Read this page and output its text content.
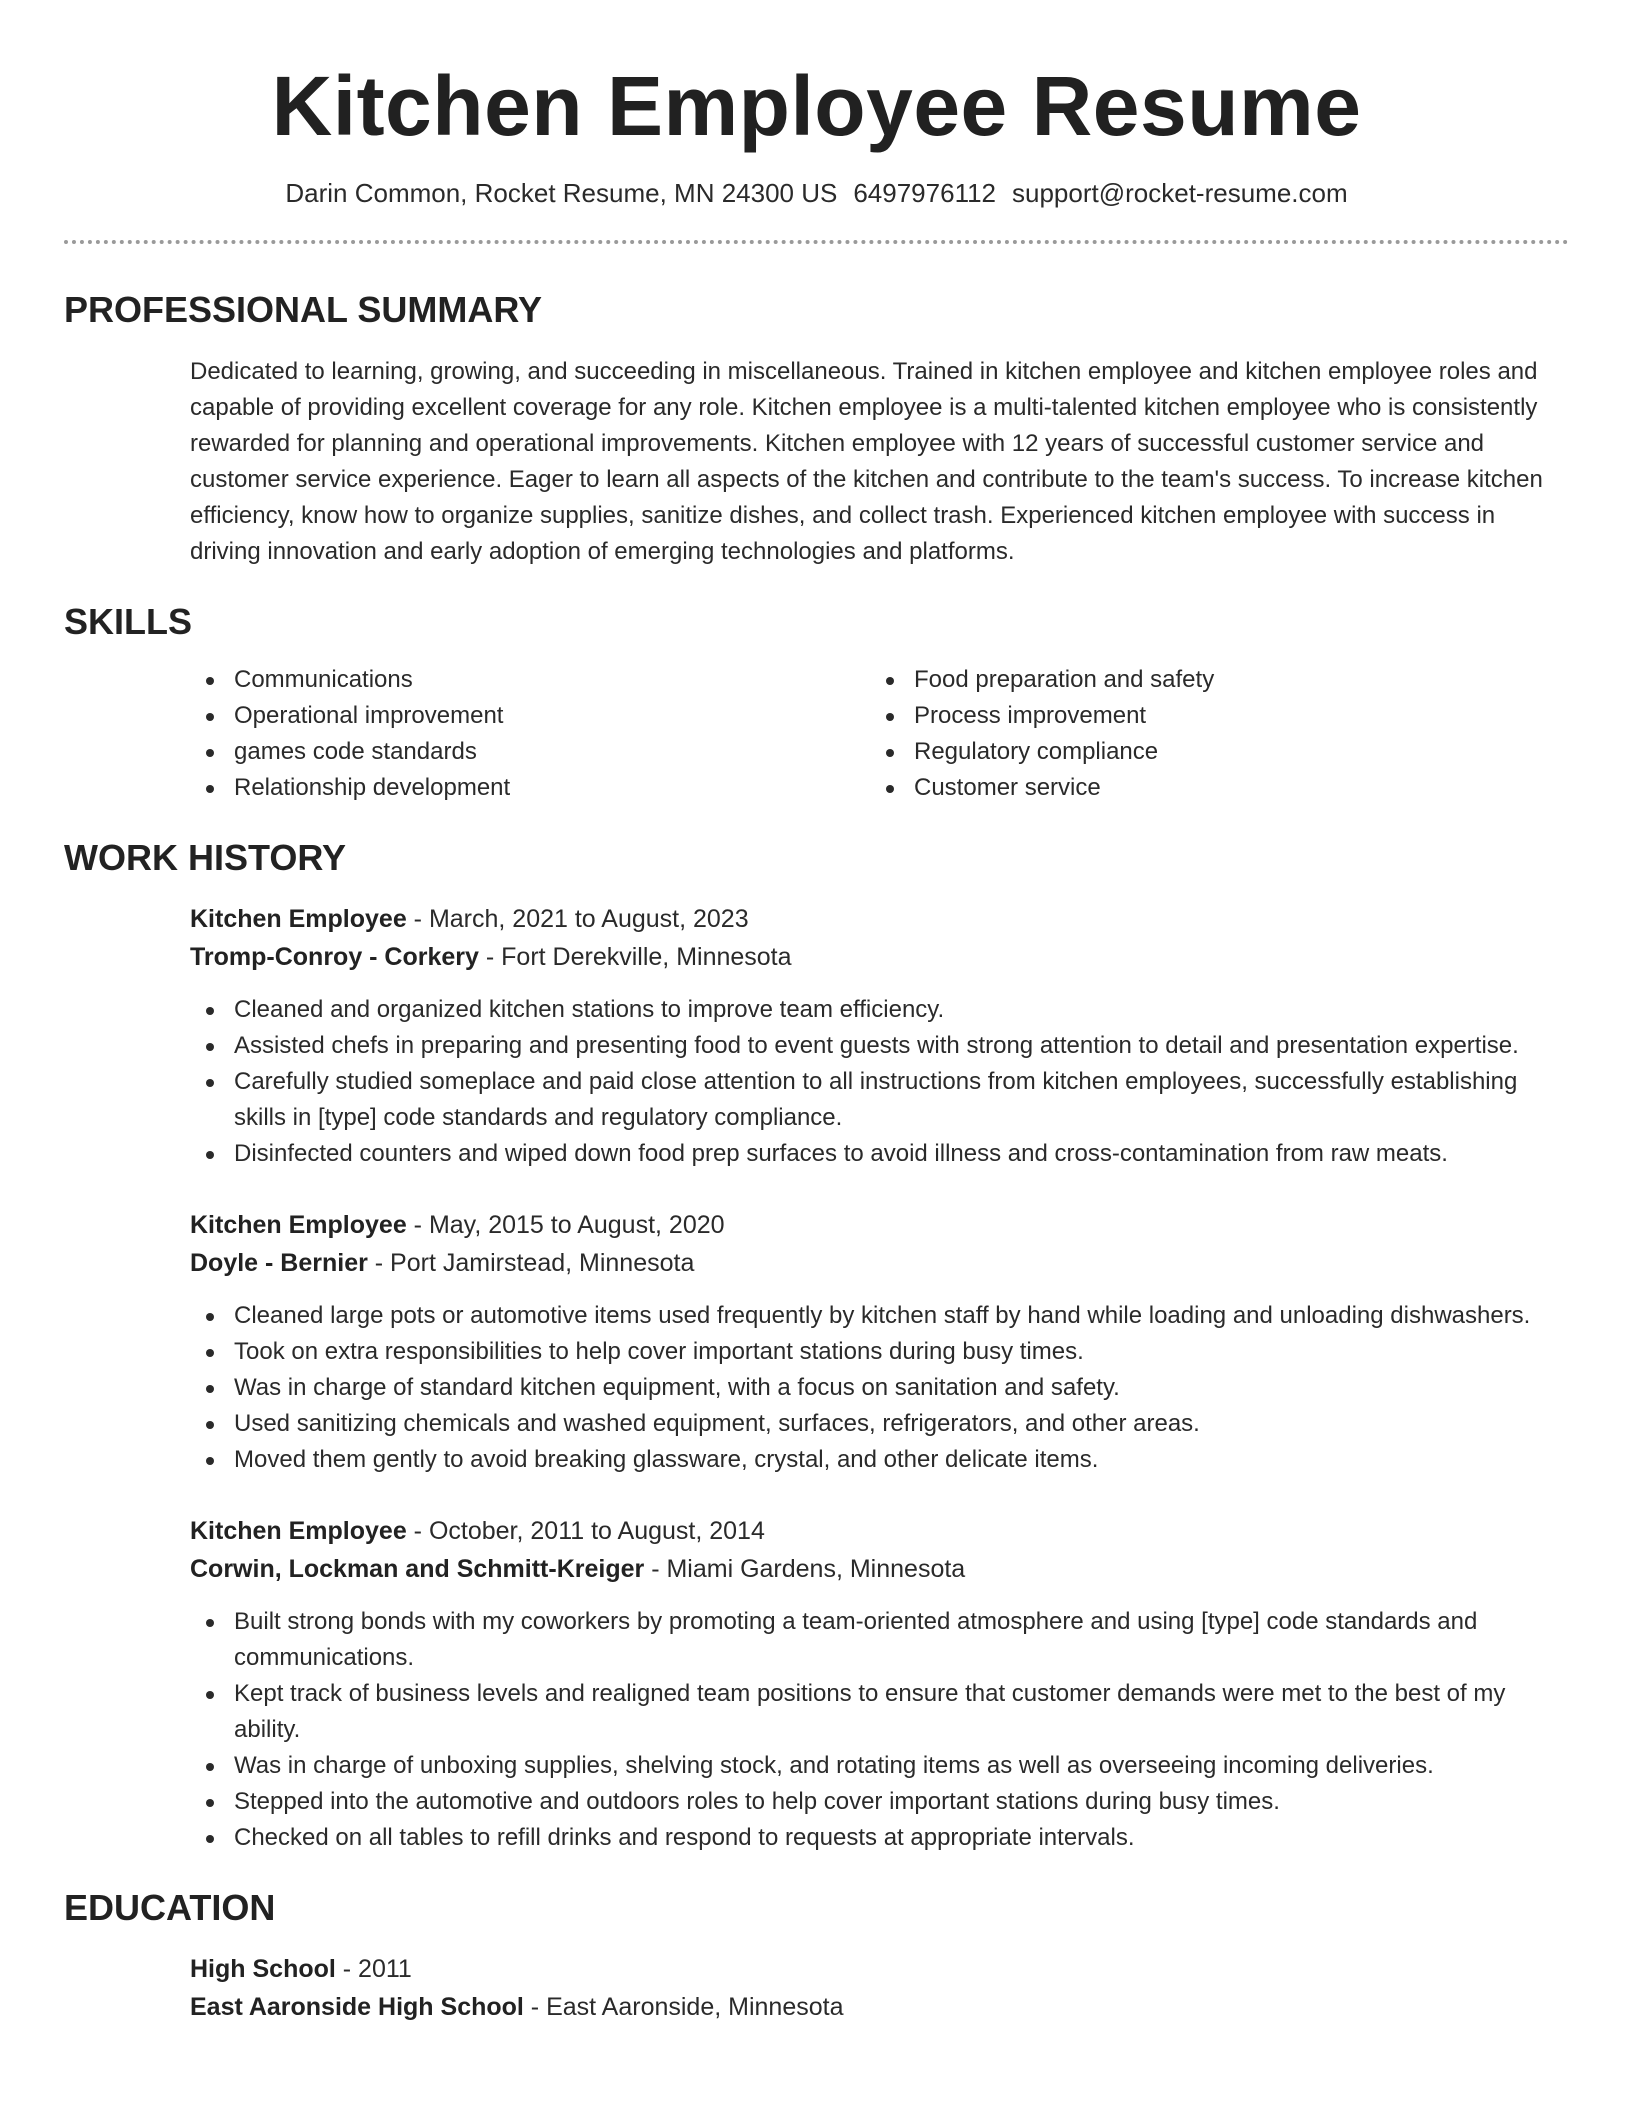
Kitchen Employee Resume
Darin Common, Rocket Resume, MN 24300 US 6497976112 support@rocket-resume.com
PROFESSIONAL SUMMARY

Dedicated to learning, growing, and succeeding in miscellaneous. Trained in kitchen employee and kitchen employee roles and capable of providing excellent coverage for any role. Kitchen employee is a multi-talented kitchen employee who is consistently rewarded for planning and operational improvements. Kitchen employee with 12 years of successful customer service and customer service experience. Eager to learn all aspects of the kitchen and contribute to the team's success. To increase kitchen efficiency, know how to organize supplies, sanitize dishes, and collect trash. Experienced kitchen employee with success in driving innovation and early adoption of emerging technologies and platforms.

SKILLS
Communications
Operational improvement
games code standards
Relationship development
Food preparation and safety
Process improvement
Regulatory compliance
Customer service
WORK HISTORY
Kitchen Employee - March, 2021 to August, 2023
Tromp-Conroy - Corkery - Fort Derekville, Minnesota
Cleaned and organized kitchen stations to improve team efficiency.
Assisted chefs in preparing and presenting food to event guests with strong attention to detail and presentation expertise.
Carefully studied someplace and paid close attention to all instructions from kitchen employees, successfully establishing skills in [type] code standards and regulatory compliance.
Disinfected counters and wiped down food prep surfaces to avoid illness and cross-contamination from raw meats.
Kitchen Employee - May, 2015 to August, 2020
Doyle - Bernier - Port Jamirstead, Minnesota
Cleaned large pots or automotive items used frequently by kitchen staff by hand while loading and unloading dishwashers.
Took on extra responsibilities to help cover important stations during busy times.
Was in charge of standard kitchen equipment, with a focus on sanitation and safety.
Used sanitizing chemicals and washed equipment, surfaces, refrigerators, and other areas.
Moved them gently to avoid breaking glassware, crystal, and other delicate items.
Kitchen Employee - October, 2011 to August, 2014
Corwin, Lockman and Schmitt-Kreiger - Miami Gardens, Minnesota
Built strong bonds with my coworkers by promoting a team-oriented atmosphere and using [type] code standards and communications.
Kept track of business levels and realigned team positions to ensure that customer demands were met to the best of my ability.
Was in charge of unboxing supplies, shelving stock, and rotating items as well as overseeing incoming deliveries.
Stepped into the automotive and outdoors roles to help cover important stations during busy times.
Checked on all tables to refill drinks and respond to requests at appropriate intervals.
EDUCATION
High School - 2011
East Aaronside High School - East Aaronside, Minnesota
